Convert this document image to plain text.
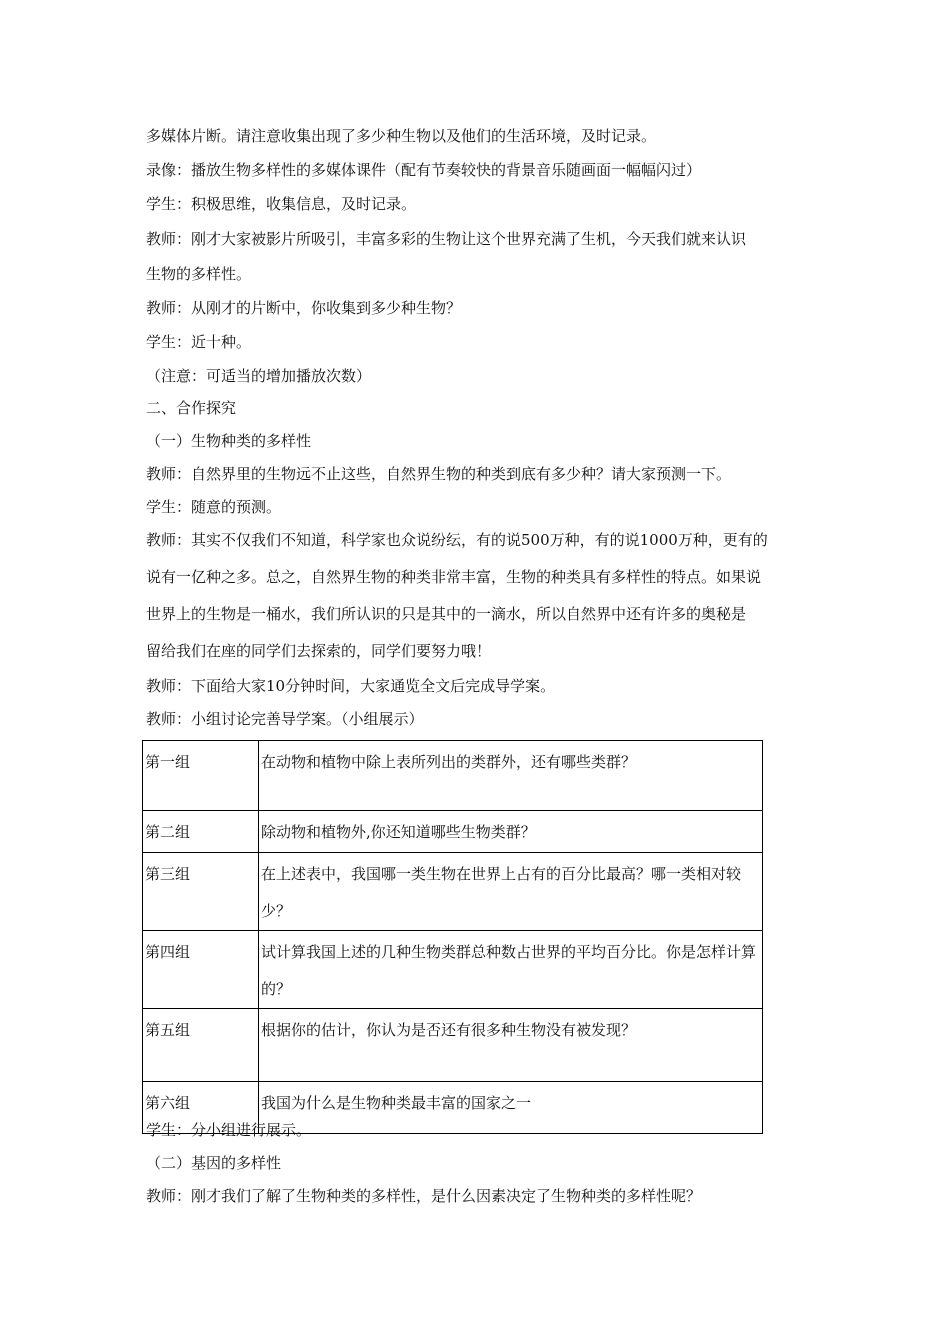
多媒体片断。请注意收集出现了多少种生物以及他们的生活环境，及时记录。
录像：播放生物多样性的多媒体课件（配有节奏较快的背景音乐随画面一幅幅闪过）
学生：积极思维，收集信息，及时记录。
教师：刚才大家被影片所吸引，丰富多彩的生物让这个世界充满了生机，今天我们就来认识
生物的多样性。
教师：从刚才的片断中，你收集到多少种生物？
学生：近十种。
（注意：可适当的增加播放次数）
二、合作探究
（一）生物种类的多样性
教师：自然界里的生物远不止这些，自然界生物的种类到底有多少种？请大家预测一下。
学生：随意的预测。
教师：其实不仅我们不知道，科学家也众说纷纭，有的说500万种，有的说1000万种，更有的
说有一亿种之多。总之，自然界生物的种类非常丰富，生物的种类具有多样性的特点。如果说
世界上的生物是一桶水，我们所认识的只是其中的一滴水，所以自然界中还有许多的奥秘是
留给我们在座的同学们去探索的，同学们要努力哦！
教师：下面给大家10分钟时间，大家通览全文后完成导学案。
教师：小组讨论完善导学案。（小组展示）
第一组	在动物和植物中除上表所列出的类群外，还有哪些类群？
第二组	除动物和植物外,你还知道哪些生物类群？
第三组	在上述表中，我国哪一类生物在世界上占有的百分比最高？哪一类相对较少？
第四组	试计算我国上述的几种生物类群总种数占世界的平均百分比。你是怎样计算的？
第五组	根据你的估计，你认为是否还有很多种生物没有被发现？
第六组	我国为什么是生物种类最丰富的国家之一
学生：分小组进行展示。
（二）基因的多样性
教师：刚才我们了解了生物种类的多样性，是什么因素决定了生物种类的多样性呢？
